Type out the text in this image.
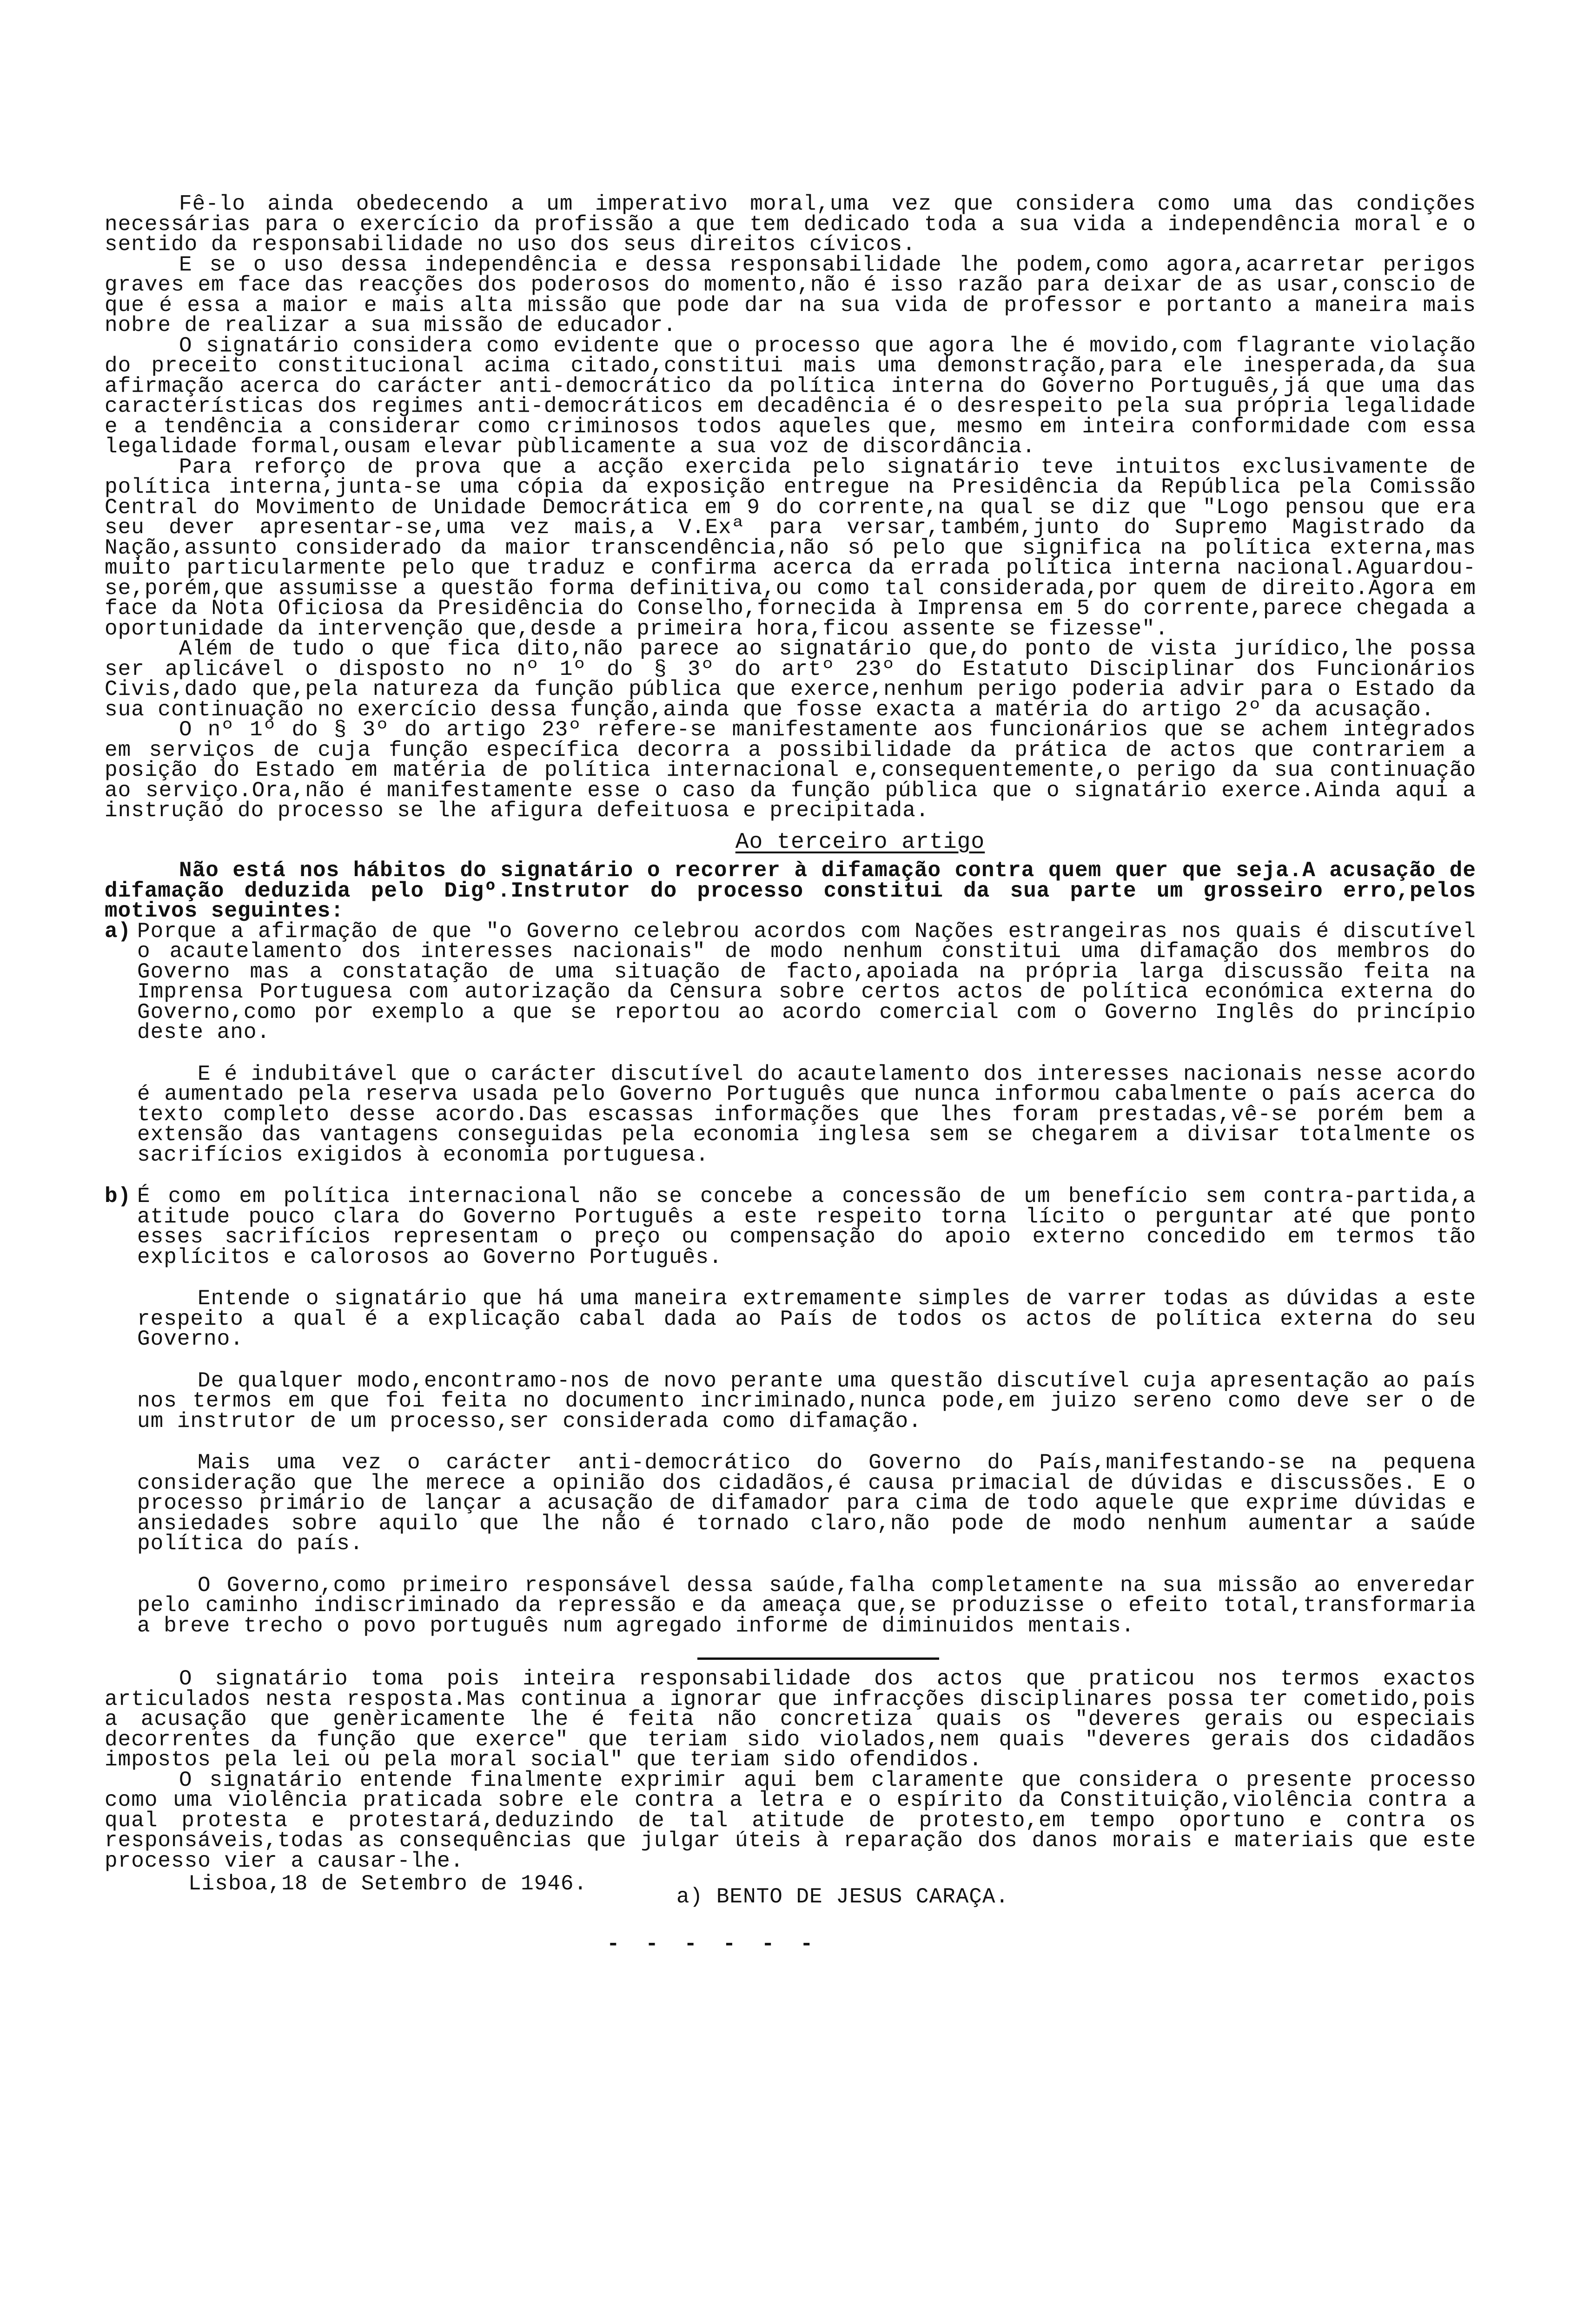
Fê-lo ainda obedecendo a um imperativo moral,uma vez que considera como uma das condições necessárias para o exercício da profissão a que tem dedicado toda a sua vida a independência moral e o sentido da responsabilidade no uso dos seus direitos cívicos.

E se o uso dessa independência e dessa responsabilidade lhe podem,como agora,acarretar perigos graves em face das reacções dos poderosos do momento,não é isso razão para deixar de as usar,conscio de que é essa a maior e mais alta missão que pode dar na sua vida de professor e portanto a maneira mais nobre de realizar a sua missão de educador.

O signatário considera como evidente que o processo que agora lhe é movido,com flagrante violação do preceito constitucional acima citado,constitui mais uma demonstração,para ele inesperada,da sua afirmação acerca do carácter anti-democrático da política interna do Governo Português,já que uma das características dos regimes anti-democráticos em decadência é o desrespeito pela sua própria legalidade e a tendência a considerar como criminosos todos aqueles que, mesmo em inteira conformidade com essa legalidade formal,ousam elevar pùblicamente a sua voz de discordância.

Para reforço de prova que a acção exercida pelo signatário teve intuitos exclusivamente de política interna,junta-se uma cópia da exposição entregue na Presidência da República pela Comissão Central do Movimento de Unidade Democrática em 9 do corrente,na qual se diz que "Logo pensou que era seu dever apresentar-se,uma vez mais,a V.Exª para versar,também,junto do Supremo Magistrado da Nação,assunto considerado da maior transcendência,não só pelo que significa na política externa,mas muito particularmente pelo que traduz e confirma acerca da errada política interna nacional.Aguardou-se,porém,que assumisse a questão forma definitiva,ou como tal considerada,por quem de direito.Agora em face da Nota Oficiosa da Presidência do Conselho,fornecida à Imprensa em 5 do corrente,parece chegada a oportunidade da intervenção que,desde a primeira hora,ficou assente se fizesse".

Além de tudo o que fica dito,não parece ao signatário que,do ponto de vista jurídico,lhe possa ser aplicável o disposto no nº 1º do § 3º do artº 23º do Estatuto Disciplinar dos Funcionários Civis,dado que,pela natureza da função pública que exerce,nenhum perigo poderia advir para o Estado da sua continuação no exercício dessa função,ainda que fosse exacta a matéria do artigo 2º da acusação.

O nº 1º do § 3º do artigo 23º refere-se manifestamente aos funcionários que se achem integrados em serviços de cuja função específica decorra a possibilidade da prática de actos que contrariem a posição do Estado em matéria de política internacional e,consequentemente,o perigo da sua continuação ao serviço.Ora,não é manifestamente esse o caso da função pública que o signatário exerce.Ainda aqui a instrução do processo se lhe afigura defeituosa e precipitada.

Ao terceiro artigo

Não está nos hábitos do signatário o recorrer à difamação contra quem quer que seja.A acusação de difamação deduzida pelo Digº.Instrutor do processo constitui da sua parte um grosseiro erro,pelos motivos seguintes:

a) Porque a afirmação de que "o Governo celebrou acordos com Nações estrangeiras nos quais é discutível o acautelamento dos interesses nacionais" de modo nenhum constitui uma difamação dos membros do Governo mas a constatação de uma situação de facto,apoiada na própria larga discussão feita na Imprensa Portuguesa com autorização da Censura sobre certos actos de política económica externa do Governo,como por exemplo a que se reportou ao acordo comercial com o Governo Inglês do princípio deste ano.

E é indubitável que o carácter discutível do acautelamento dos interesses nacionais nesse acordo é aumentado pela reserva usada pelo Governo Português que nunca informou cabalmente o país acerca do texto completo desse acordo.Das escassas informações que lhes foram prestadas,vê-se porém bem a extensão das vantagens conseguidas pela economia inglesa sem se chegarem a divisar totalmente os sacrifícios exigidos à economia portuguesa.

b) É como em política internacional não se concebe a concessão de um benefício sem contra-partida,a atitude pouco clara do Governo Português a este respeito torna lícito o perguntar até que ponto esses sacrifícios representam o preço ou compensação do apoio externo concedido em termos tão explícitos e calorosos ao Governo Português.

Entende o signatário que há uma maneira extremamente simples de varrer todas as dúvidas a este respeito a qual é a explicação cabal dada ao País de todos os actos de política externa do seu Governo.

De qualquer modo,encontramo-nos de novo perante uma questão discutível cuja apresentação ao país nos termos em que foi feita no documento incriminado,nunca pode,em juizo sereno como deve ser o de um instrutor de um processo,ser considerada como difamação.

Mais uma vez o carácter anti-democrático do Governo do País,manifestando-se na pequena consideração que lhe merece a opinião dos cidadãos,é causa primacial de dúvidas e discussões. E o processo primário de lançar a acusação de difamador para cima de todo aquele que exprime dúvidas e ansiedades sobre aquilo que lhe não é tornado claro,não pode de modo nenhum aumentar a saúde política do país.

O Governo,como primeiro responsável dessa saúde,falha completamente na sua missão ao enveredar pelo caminho indiscriminado da repressão e da ameaça que,se produzisse o efeito total,transformaria a breve trecho o povo português num agregado informe de diminuidos mentais.

O signatário toma pois inteira responsabilidade dos actos que praticou nos termos exactos articulados nesta resposta.Mas continua a ignorar que infracções disciplinares possa ter cometido,pois a acusação que genèricamente lhe é feita não concretiza quais os "deveres gerais ou especiais decorrentes da função que exerce" que teriam sido violados,nem quais "deveres gerais dos cidadãos impostos pela lei ou pela moral social" que teriam sido ofendidos.

O signatário entende finalmente exprimir aqui bem claramente que considera o presente processo como uma violência praticada sobre ele contra a letra e o espírito da Constituição,violência contra a qual protesta e protestará,deduzindo de tal atitude de protesto,em tempo oportuno e contra os responsáveis,todas as consequências que julgar úteis à reparação dos danos morais e materiais que este processo vier a causar-lhe.

Lisboa,18 de Setembro de 1946.
a) BENTO DE JESUS CARAÇA.
- - - - - -
